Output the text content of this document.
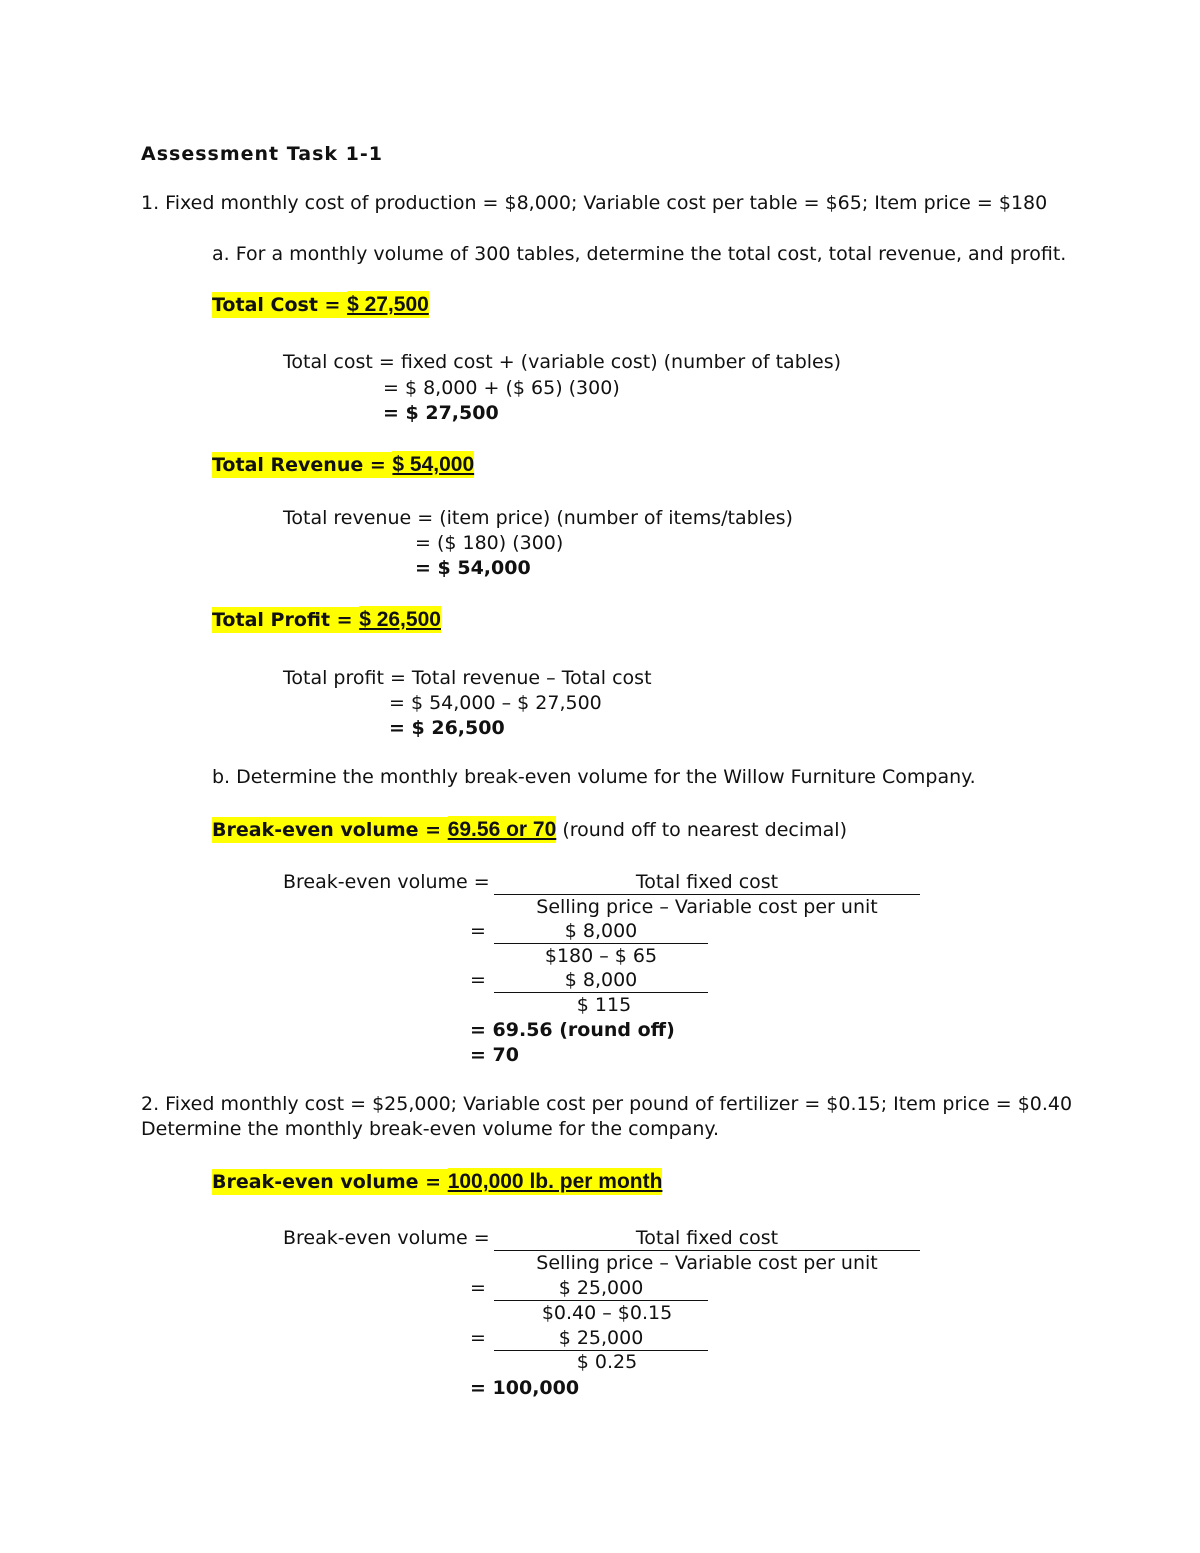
Assessment Task 1-1
1. Fixed monthly cost of production = $8,000; Variable cost per table = $65; Item price = $180
a. For a monthly volume of 300 tables, determine the total cost, total revenue, and profit.
Total Cost = $ 27,500
Total cost = fixed cost + (variable cost) (number of tables)
= $ 8,000 + ($ 65) (300)
= $ 27,500
Total Revenue = $ 54,000
Total revenue = (item price) (number of items/tables)
= ($ 180) (300)
= $ 54,000
Total Profit = $ 26,500
Total profit = Total revenue – Total cost
= $ 54,000 – $ 27,500
= $ 26,500
b. Determine the monthly break-even volume for the Willow Furniture Company.
Break-even volume = 69.56 or 70 (round off to nearest decimal)
Break-even volume =	Total fixed cost
Selling price – Variable cost per unit
=	$ 8,000
$180 – $ 65
=	$ 8,000
$ 115
= 69.56 (round off)
= 70
2. Fixed monthly cost = $25,000; Variable cost per pound of fertilizer = $0.15; Item price = $0.40
Determine the monthly break-even volume for the company.
Break-even volume = 100,000 lb. per month
Break-even volume =	Total fixed cost
Selling price – Variable cost per unit
=	$ 25,000
$0.40 – $0.15
=	$ 25,000
$ 0.25
= 100,000
